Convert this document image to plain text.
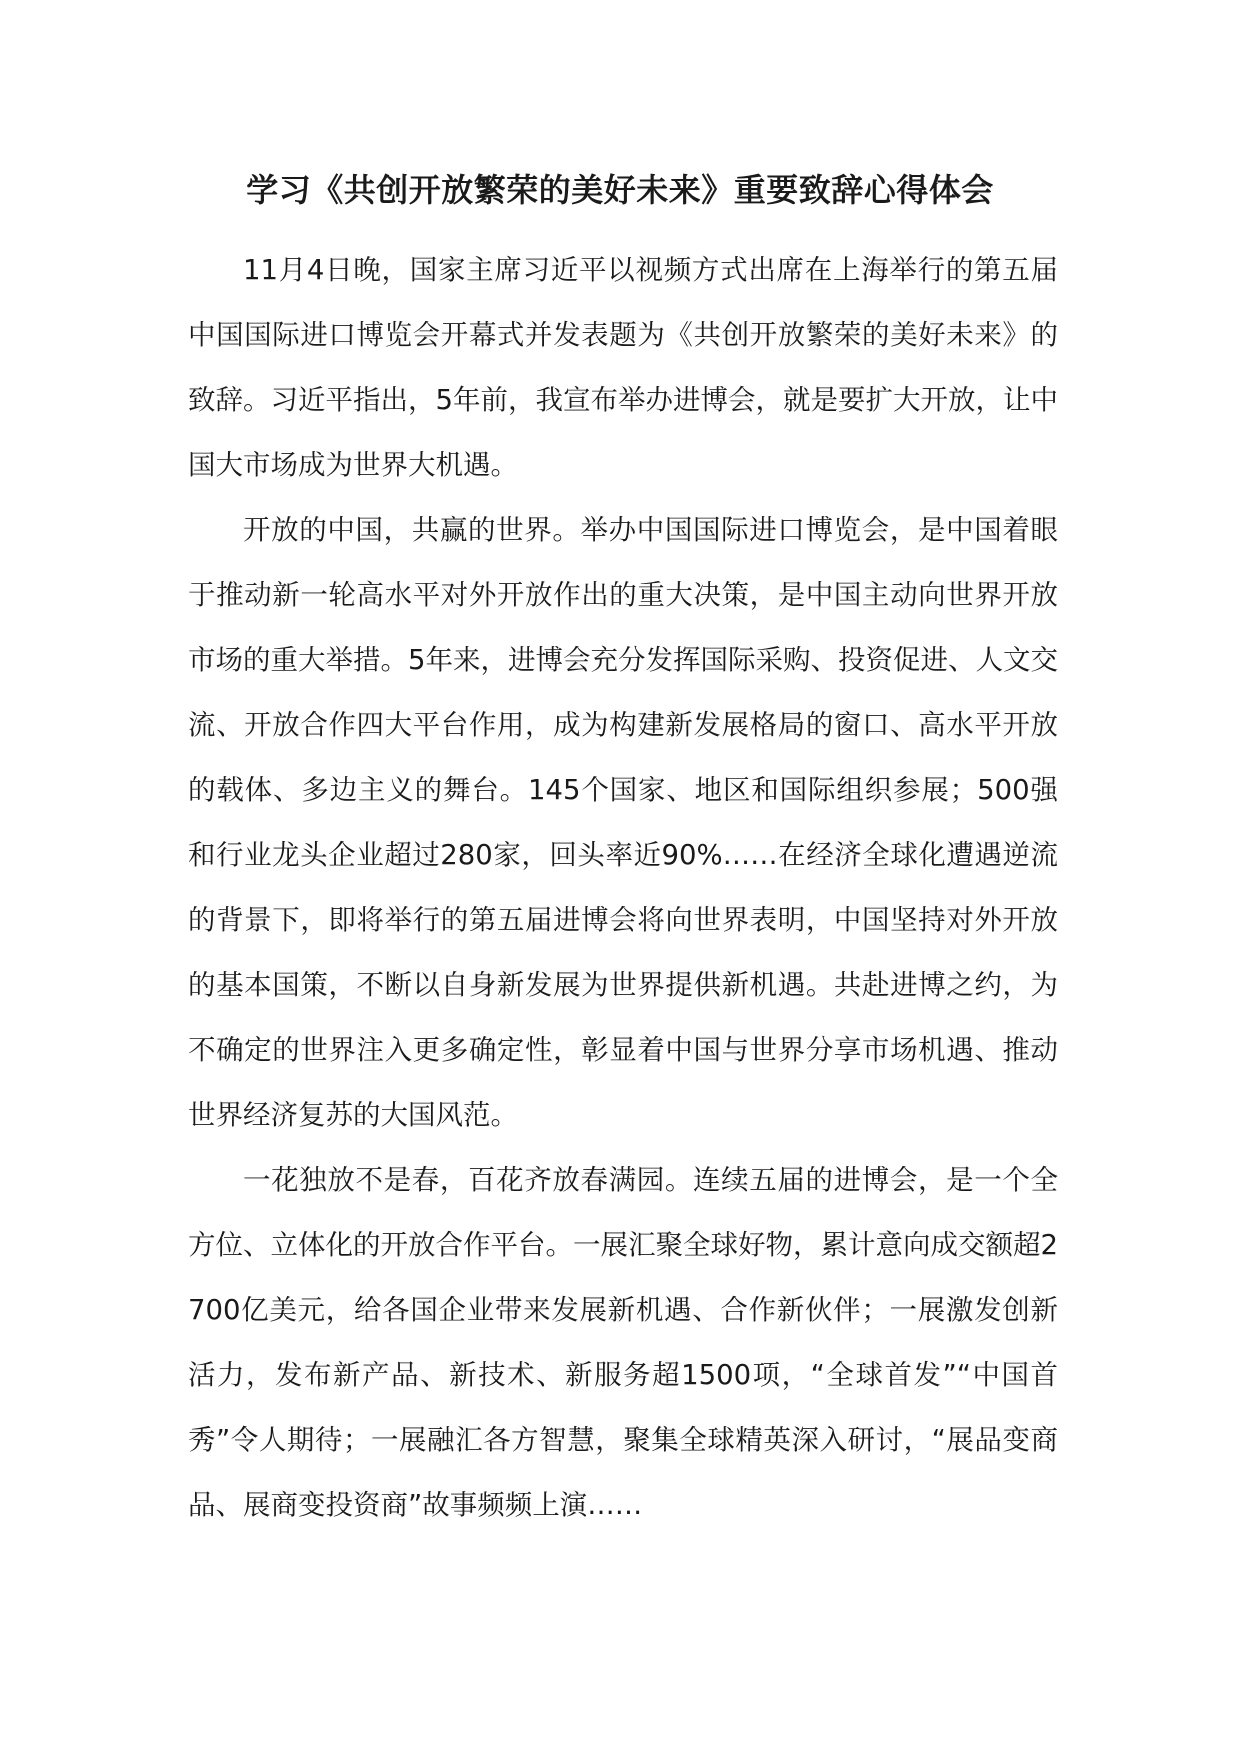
学习《共创开放繁荣的美好未来》重要致辞心得体会

11月4日晚，国家主席习近平以视频方式出席在上海举行的第五届中国国际进口博览会开幕式并发表题为《共创开放繁荣的美好未来》的致辞。习近平指出，5年前，我宣布举办进博会，就是要扩大开放，让中国大市场成为世界大机遇。

开放的中国，共赢的世界。举办中国国际进口博览会，是中国着眼于推动新一轮高水平对外开放作出的重大决策，是中国主动向世界开放市场的重大举措。5年来，进博会充分发挥国际采购、投资促进、人文交流、开放合作四大平台作用，成为构建新发展格局的窗口、高水平开放的载体、多边主义的舞台。145个国家、地区和国际组织参展；500强和行业龙头企业超过280家，回头率近90%……在经济全球化遭遇逆流的背景下，即将举行的第五届进博会将向世界表明，中国坚持对外开放的基本国策，不断以自身新发展为世界提供新机遇。共赴进博之约，为不确定的世界注入更多确定性，彰显着中国与世界分享市场机遇、推动世界经济复苏的大国风范。

一花独放不是春，百花齐放春满园。连续五届的进博会，是一个全方位、立体化的开放合作平台。一展汇聚全球好物，累计意向成交额超2700亿美元，给各国企业带来发展新机遇、合作新伙伴；一展激发创新活力，发布新产品、新技术、新服务超1500项，“全球首发”“中国首秀”令人期待；一展融汇各方智慧，聚集全球精英深入研讨，“展品变商品、展商变投资商”故事频频上演……
